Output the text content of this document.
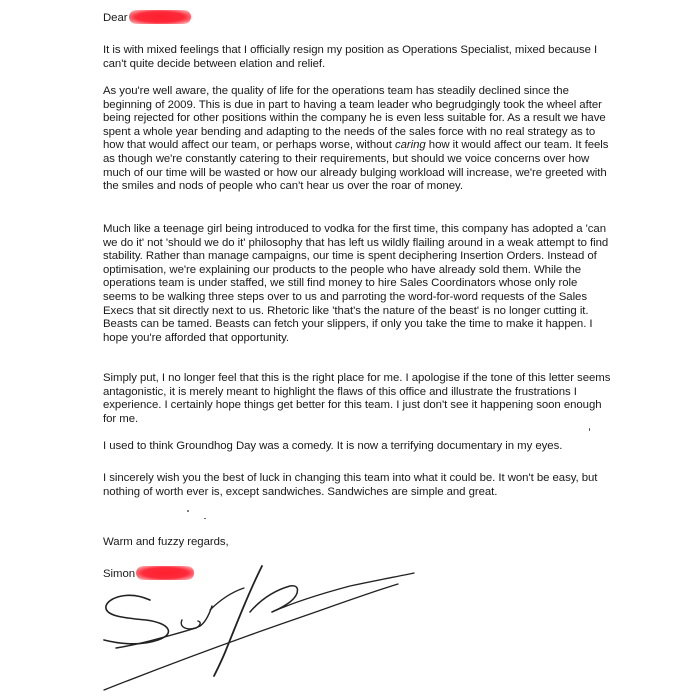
Dear

It is with mixed feelings that I officially resign my position as Operations Specialist, mixed because I can't quite decide between elation and relief.

As you're well aware, the quality of life for the operations team has steadily declined since the beginning of 2009. This is due in part to having a team leader who begrudgingly took the wheel after being rejected for other positions within the company he is even less suitable for. As a result we have spent a whole year bending and adapting to the needs of the sales force with no real strategy as to how that would affect our team, or perhaps worse, without caring how it would affect our team. It feels as though we're constantly catering to their requirements, but should we voice concerns over how much of our time will be wasted or how our already bulging workload will increase, we're greeted with the smiles and nods of people who can't hear us over the roar of money.

Much like a teenage girl being introduced to vodka for the first time, this company has adopted a 'can we do it' not 'should we do it' philosophy that has left us wildly flailing around in a weak attempt to find stability. Rather than manage campaigns, our time is spent deciphering Insertion Orders. Instead of optimisation, we're explaining our products to the people who have already sold them. While the operations team is under staffed, we still find money to hire Sales Coordinators whose only role seems to be walking three steps over to us and parroting the word-for-word requests of the Sales Execs that sit directly next to us. Rhetoric like 'that's the nature of the beast' is no longer cutting it. Beasts can be tamed. Beasts can fetch your slippers, if only you take the time to make it happen. I hope you're afforded that opportunity.

Simply put, I no longer feel that this is the right place for me. I apologise if the tone of this letter seems antagonistic, it is merely meant to highlight the flaws of this office and illustrate the frustrations I experience. I certainly hope things get better for this team. I just don't see it happening soon enough for me.

I used to think Groundhog Day was a comedy. It is now a terrifying documentary in my eyes.

I sincerely wish you the best of luck in changing this team into what it could be. It won't be easy, but nothing of worth ever is, except sandwiches. Sandwiches are simple and great.

Warm and fuzzy regards,

Simon
